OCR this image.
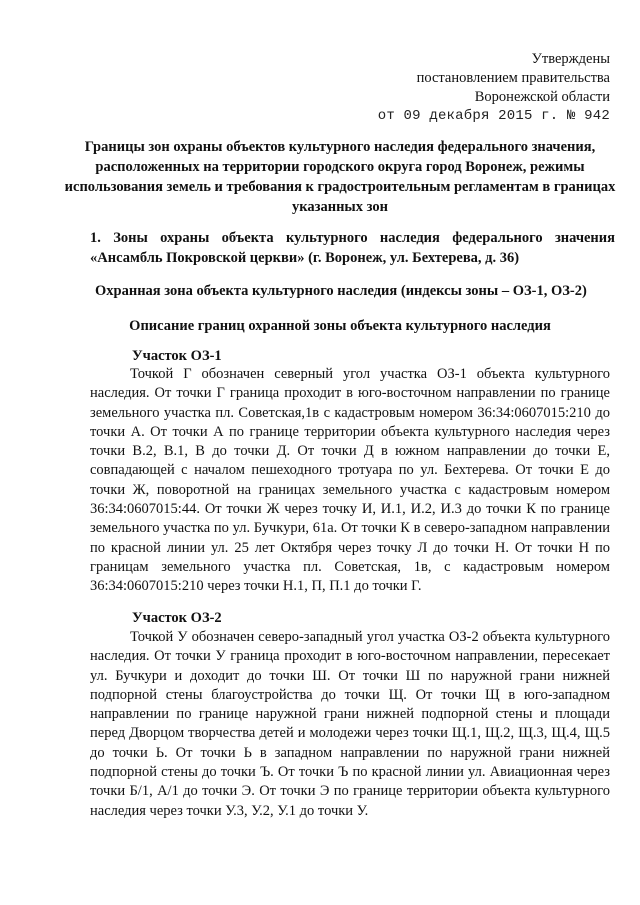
Утверждены
постановлением правительства
Воронежской области
от 09 декабря 2015 г. № 942
Границы зон охраны объектов культурного наследия федерального значения, расположенных на территории городского округа город Воронеж, режимы использования земель и требования к градостроительным регламентам в границах указанных зон
1. Зоны охраны объекта культурного наследия федерального значения «Ансамбль Покровской церкви» (г. Воронеж, ул. Бехтерева, д. 36)
Охранная зона объекта культурного наследия (индексы зоны – ОЗ-1, ОЗ-2)
Описание границ охранной зоны объекта культурного наследия
Участок ОЗ-1

Точкой Г обозначен северный угол участка ОЗ-1 объекта культурного наследия. От точки Г граница проходит в юго-восточном направлении по границе земельного участка пл. Советская,1в с кадастровым номером 36:34:0607015:210 до точки А. От точки А по границе территории объекта культурного наследия через точки В.2, В.1, В до точки Д. От точки Д в южном направлении до точки Е, совпадающей с началом пешеходного тротуара по ул. Бехтерева. От точки Е до точки Ж, поворотной на границах земельного участка с кадастровым номером 36:34:0607015:44. От точки Ж через точку И, И.1, И.2, И.3 до точки К по границе земельного участка по ул. Бучкури, 61а. От точки К в северо-западном направлении по красной линии ул. 25 лет Октября через точку Л до точки Н. От точки Н по границам земельного участка пл. Советская, 1в, с кадастровым номером 36:34:0607015:210 через точки Н.1, П, П.1 до точки Г.

Участок ОЗ-2

Точкой У обозначен северо-западный угол участка ОЗ-2 объекта культурного наследия. От точки У граница проходит в юго-восточном направлении, пересекает ул. Бучкури и доходит до точки Ш. От точки Ш по наружной грани нижней подпорной стены благоустройства до точки Щ. От точки Щ в юго-западном направлении по границе наружной грани нижней подпорной стены и площади перед Дворцом творчества детей и молодежи через точки Щ.1, Щ.2, Щ.3, Щ.4, Щ.5 до точки Ь. От точки Ь в западном направлении по наружной грани нижней подпорной стены до точки Ъ. От точки Ъ по красной линии ул. Авиационная через точки Б/1, А/1 до точки Э. От точки Э по границе территории объекта культурного наследия через точки У.3, У.2, У.1 до точки У.
